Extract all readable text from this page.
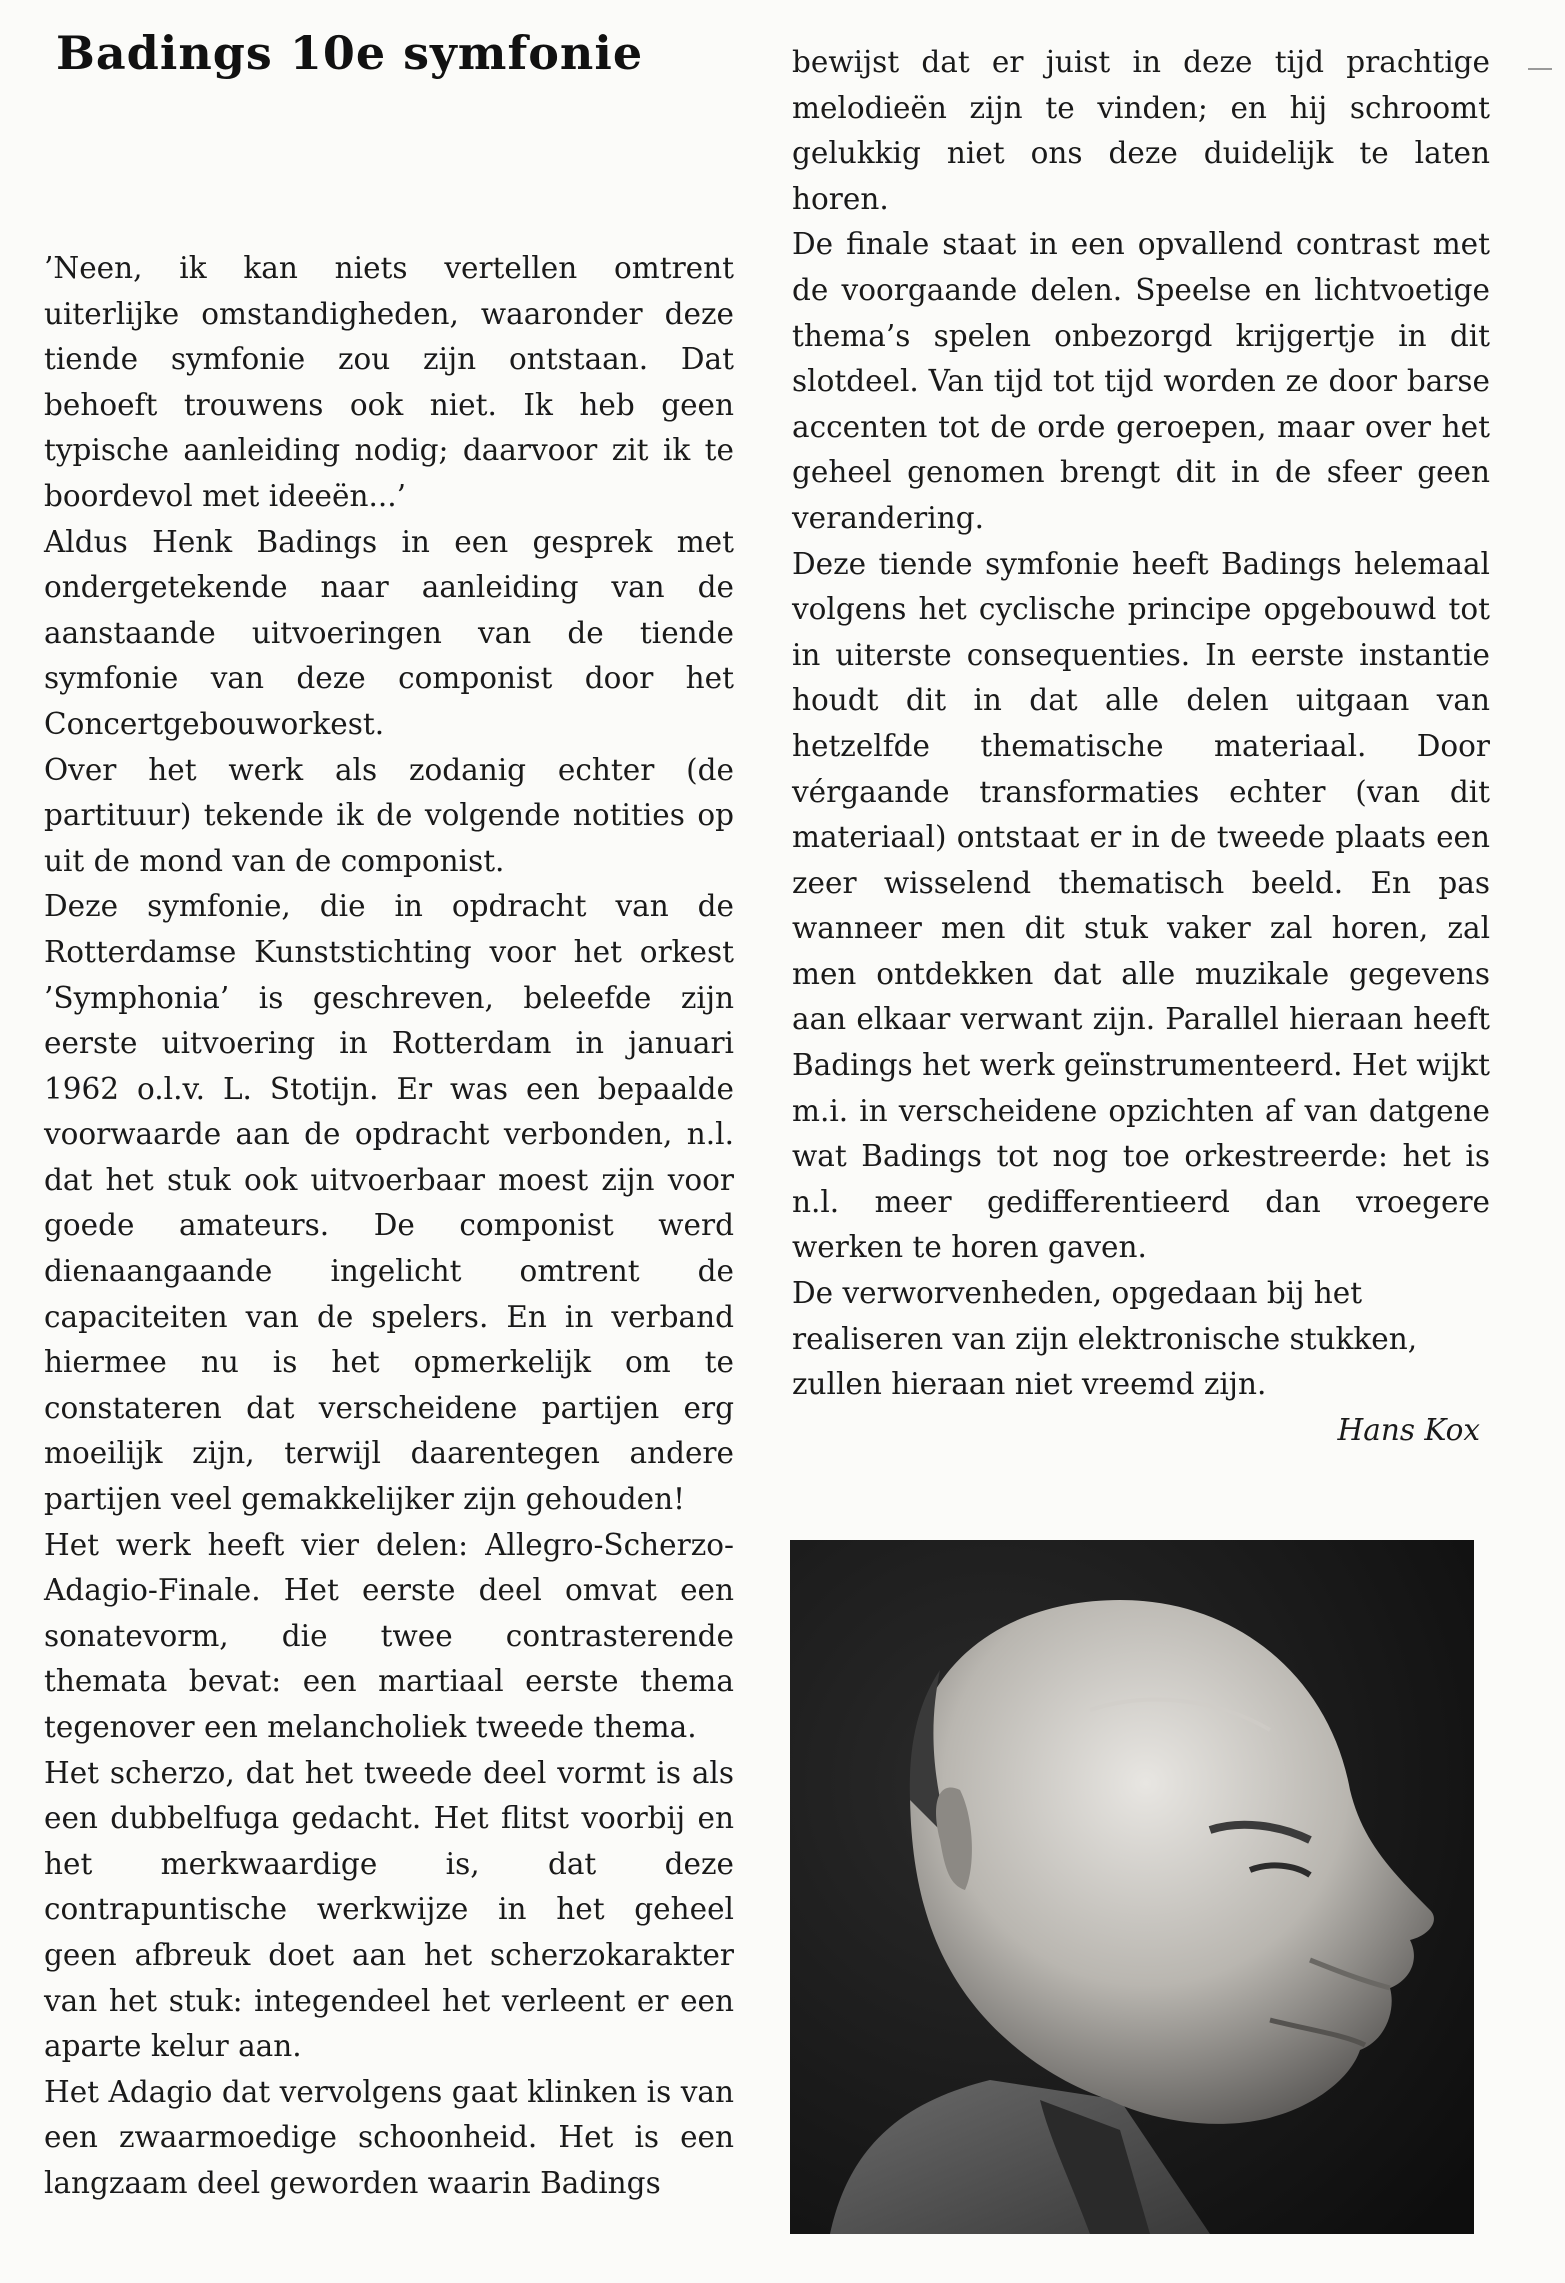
Badings 10e symfonie

’Neen, ik kan niets vertellen omtrent uiterlijke omstandigheden, waaronder deze tiende symfonie zou zijn ontstaan. Dat behoeft trouwens ook niet. Ik heb geen typische aanleiding nodig; daarvoor zit ik te boordevol met ideeën...’

Aldus Henk Badings in een gesprek met ondergetekende naar aanleiding van de aanstaande uitvoeringen van de tiende symfonie van deze componist door het Concertgebouworkest.

Over het werk als zodanig echter (de partituur) tekende ik de volgende notities op uit de mond van de componist.

Deze symfonie, die in opdracht van de Rotterdamse Kunststichting voor het orkest ’Symphonia’ is geschreven, beleefde zijn eerste uitvoering in Rotterdam in januari 1962 o.l.v. L. Stotijn. Er was een bepaalde voorwaarde aan de opdracht verbonden, n.l. dat het stuk ook uitvoerbaar moest zijn voor goede amateurs. De componist werd dienaangaande ingelicht omtrent de capaciteiten van de spelers. En in verband hiermee nu is het opmerkelijk om te constateren dat verscheidene partijen erg moeilijk zijn, terwijl daarentegen andere partijen veel gemakkelijker zijn gehouden!

Het werk heeft vier delen: Allegro-Scherzo-Adagio-Finale. Het eerste deel omvat een sonatevorm, die twee contrasterende themata bevat: een martiaal eerste thema tegenover een melancholiek tweede thema.

Het scherzo, dat het tweede deel vormt is als een dubbelfuga gedacht. Het flitst voorbij en het merkwaardige is, dat deze contrapuntische werkwijze in het geheel geen afbreuk doet aan het scherzokarakter van het stuk: integendeel het verleent er een aparte kelur aan.

Het Adagio dat vervolgens gaat klinken is van een zwaarmoedige schoonheid. Het is een langzaam deel geworden waarin Badings

bewijst dat er juist in deze tijd prachtige melodieën zijn te vinden; en hij schroomt gelukkig niet ons deze duidelijk te laten horen.

De finale staat in een opvallend contrast met de voorgaande delen. Speelse en lichtvoetige thema’s spelen onbezorgd krijgertje in dit slotdeel. Van tijd tot tijd worden ze door barse accenten tot de orde geroepen, maar over het geheel genomen brengt dit in de sfeer geen verandering.

Deze tiende symfonie heeft Badings helemaal volgens het cyclische principe opgebouwd tot in uiterste consequenties. In eerste instantie houdt dit in dat alle delen uitgaan van hetzelfde thematische materiaal. Door vérgaande transformaties echter (van dit materiaal) ontstaat er in de tweede plaats een zeer wisselend thematisch beeld. En pas wanneer men dit stuk vaker zal horen, zal men ontdekken dat alle muzikale gegevens aan elkaar verwant zijn. Parallel hieraan heeft Badings het werk geïnstrumenteerd. Het wijkt m.i. in verscheidene opzichten af van datgene wat Badings tot nog toe orkestreerde: het is n.l. meer gedifferentieerd dan vroegere werken te horen gaven.

De verworvenheden, opgedaan bij het realiseren van zijn elektronische stukken, zullen hieraan niet vreemd zijn.
Hans Kox
